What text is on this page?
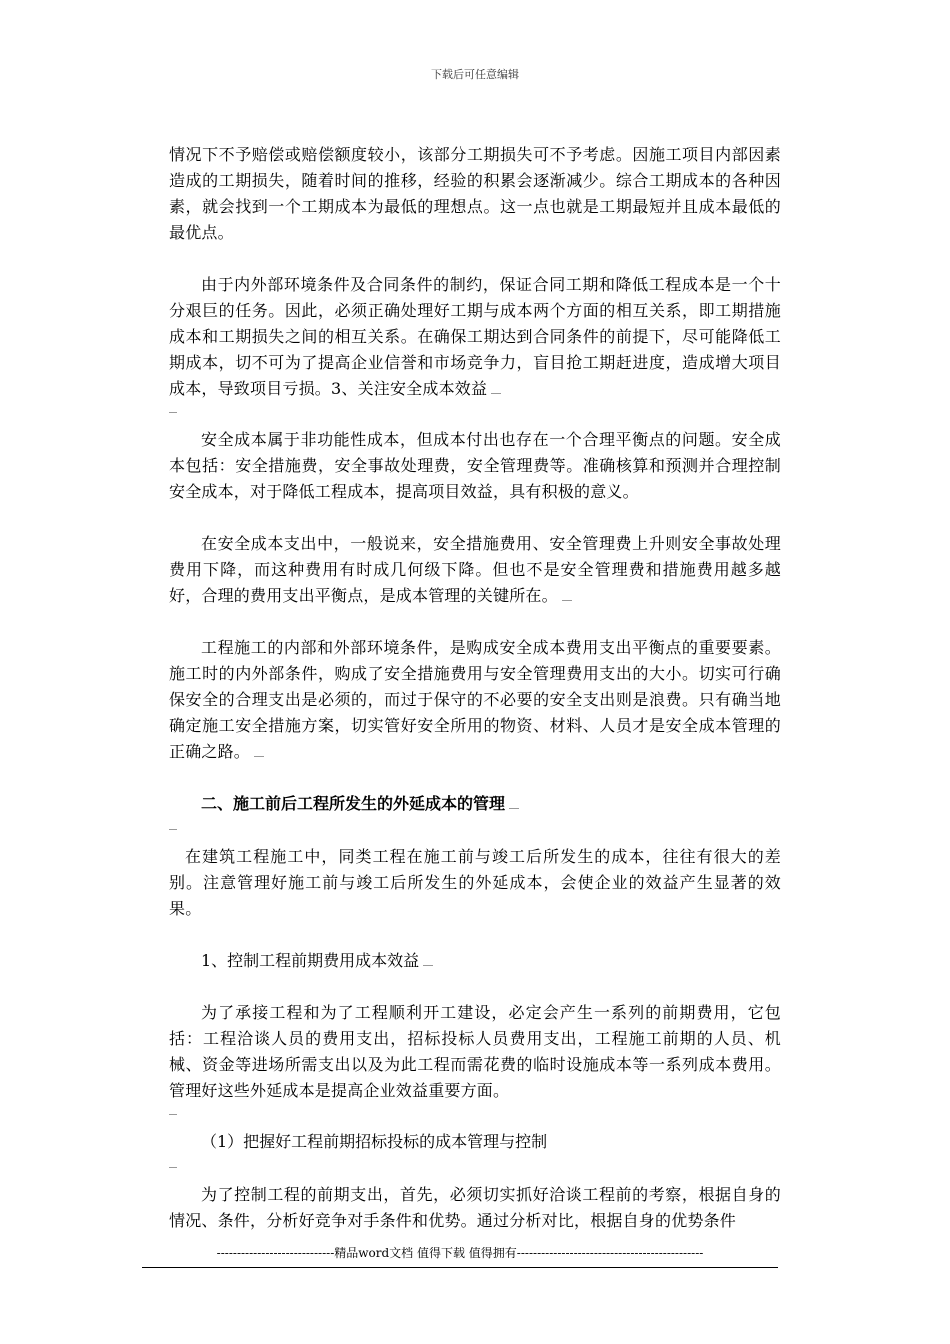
下载后可任意编辑

情况下不予赔偿或赔偿额度较小，该部分工期损失可不予考虑。因施工项目内部因素造成的工期损失，随着时间的推移，经验的积累会逐渐减少。综合工期成本的各种因素，就会找到一个工期成本为最低的理想点。这一点也就是工期最短并且成本最低的最优点。

由于内外部环境条件及合同条件的制约，保证合同工期和降低工程成本是一个十分艰巨的任务。因此，必须正确处理好工期与成本两个方面的相互关系，即工期措施成本和工期损失之间的相互关系。在确保工期达到合同条件的前提下，尽可能降低工期成本，切不可为了提高企业信誉和市场竞争力，盲目抢工期赶进度，造成增大项目成本，导致项目亏损。3、关注安全成本效益

安全成本属于非功能性成本，但成本付出也存在一个合理平衡点的问题。安全成本包括：安全措施费，安全事故处理费，安全管理费等。准确核算和预测并合理控制安全成本，对于降低工程成本，提高项目效益，具有积极的意义。

在安全成本支出中，一般说来，安全措施费用、安全管理费上升则安全事故处理费用下降，而这种费用有时成几何级下降。但也不是安全管理费和措施费用越多越好，合理的费用支出平衡点，是成本管理的关键所在。

工程施工的内部和外部环境条件，是购成安全成本费用支出平衡点的重要要素。施工时的内外部条件，购成了安全措施费用与安全管理费用支出的大小。切实可行确保安全的合理支出是必须的，而过于保守的不必要的安全支出则是浪费。只有确当地确定施工安全措施方案，切实管好安全所用的物资、材料、人员才是安全成本管理的正确之路。

二、施工前后工程所发生的外延成本的管理

在建筑工程施工中，同类工程在施工前与竣工后所发生的成本，往往有很大的差别。注意管理好施工前与竣工后所发生的外延成本，会使企业的效益产生显著的效果。

1、控制工程前期费用成本效益

为了承接工程和为了工程顺利开工建设，必定会产生一系列的前期费用，它包括：工程洽谈人员的费用支出，招标投标人员费用支出，工程施工前期的人员、机械、资金等进场所需支出以及为此工程而需花费的临时设施成本等一系列成本费用。管理好这些外延成本是提高企业效益重要方面。

（1）把握好工程前期招标投标的成本管理与控制

为了控制工程的前期支出，首先，必须切实抓好洽谈工程前的考察，根据自身的情况、条件，分析好竞争对手条件和优势。通过分析对比，根据自身的优势条件

-----------------------------精品word文档 值得下载 值得拥有----------------------------------------------
